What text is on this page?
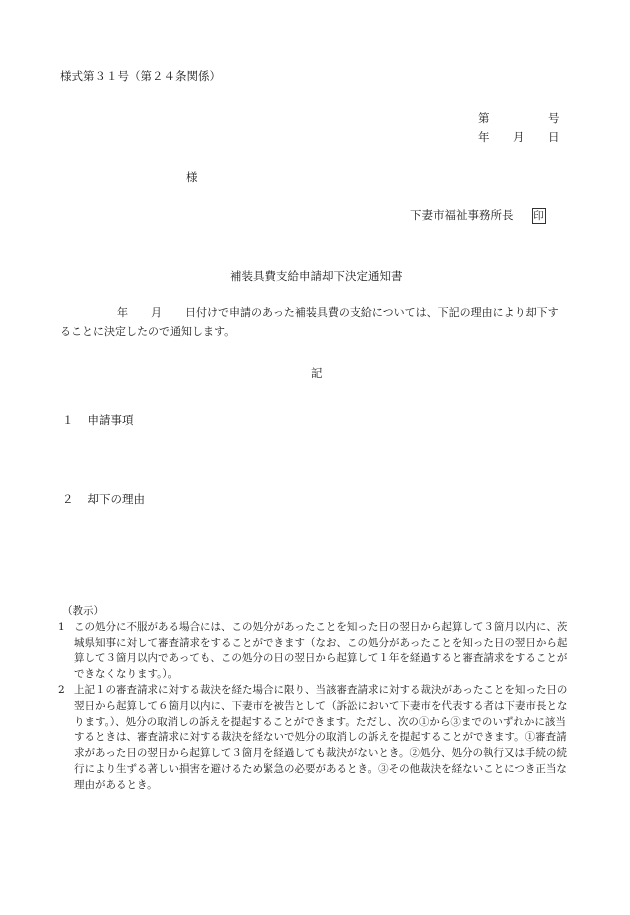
様式第３１号（第２４条関係）
第	号
年 月 日
様
下妻市福祉事務所長 印
補装具費支給申請却下決定通知書
年 月 日付けで申請のあった補装具費の支給については、下記の理由により却下す
ることに決定したので通知します。
記
１ 申請事項
２ 却下の理由
（教示）
1 この処分に不服がある場合には、この処分があったことを知った日の翌日から起算して３箇月以内に、茨城県知事に対して審査請求をすることができます（なお、この処分があったことを知った日の翌日から起算して３箇月以内であっても、この処分の日の翌日から起算して１年を経過すると審査請求をすることができなくなります。）。
2 上記１の審査請求に対する裁決を経た場合に限り、当該審査請求に対する裁決があったことを知った日の翌日から起算して６箇月以内に、下妻市を被告として（訴訟において下妻市を代表する者は下妻市長となります。）、処分の取消しの訴えを提起することができます。ただし、次の①から③までのいずれかに該当するときは、審査請求に対する裁決を経ないで処分の取消しの訴えを提起することができます。①審査請求があった日の翌日から起算して３箇月を経過しても裁決がないとき。②処分、処分の執行又は手続の続行により生ずる著しい損害を避けるため緊急の必要があるとき。③その他裁決を経ないことにつき正当な理由があるとき。
